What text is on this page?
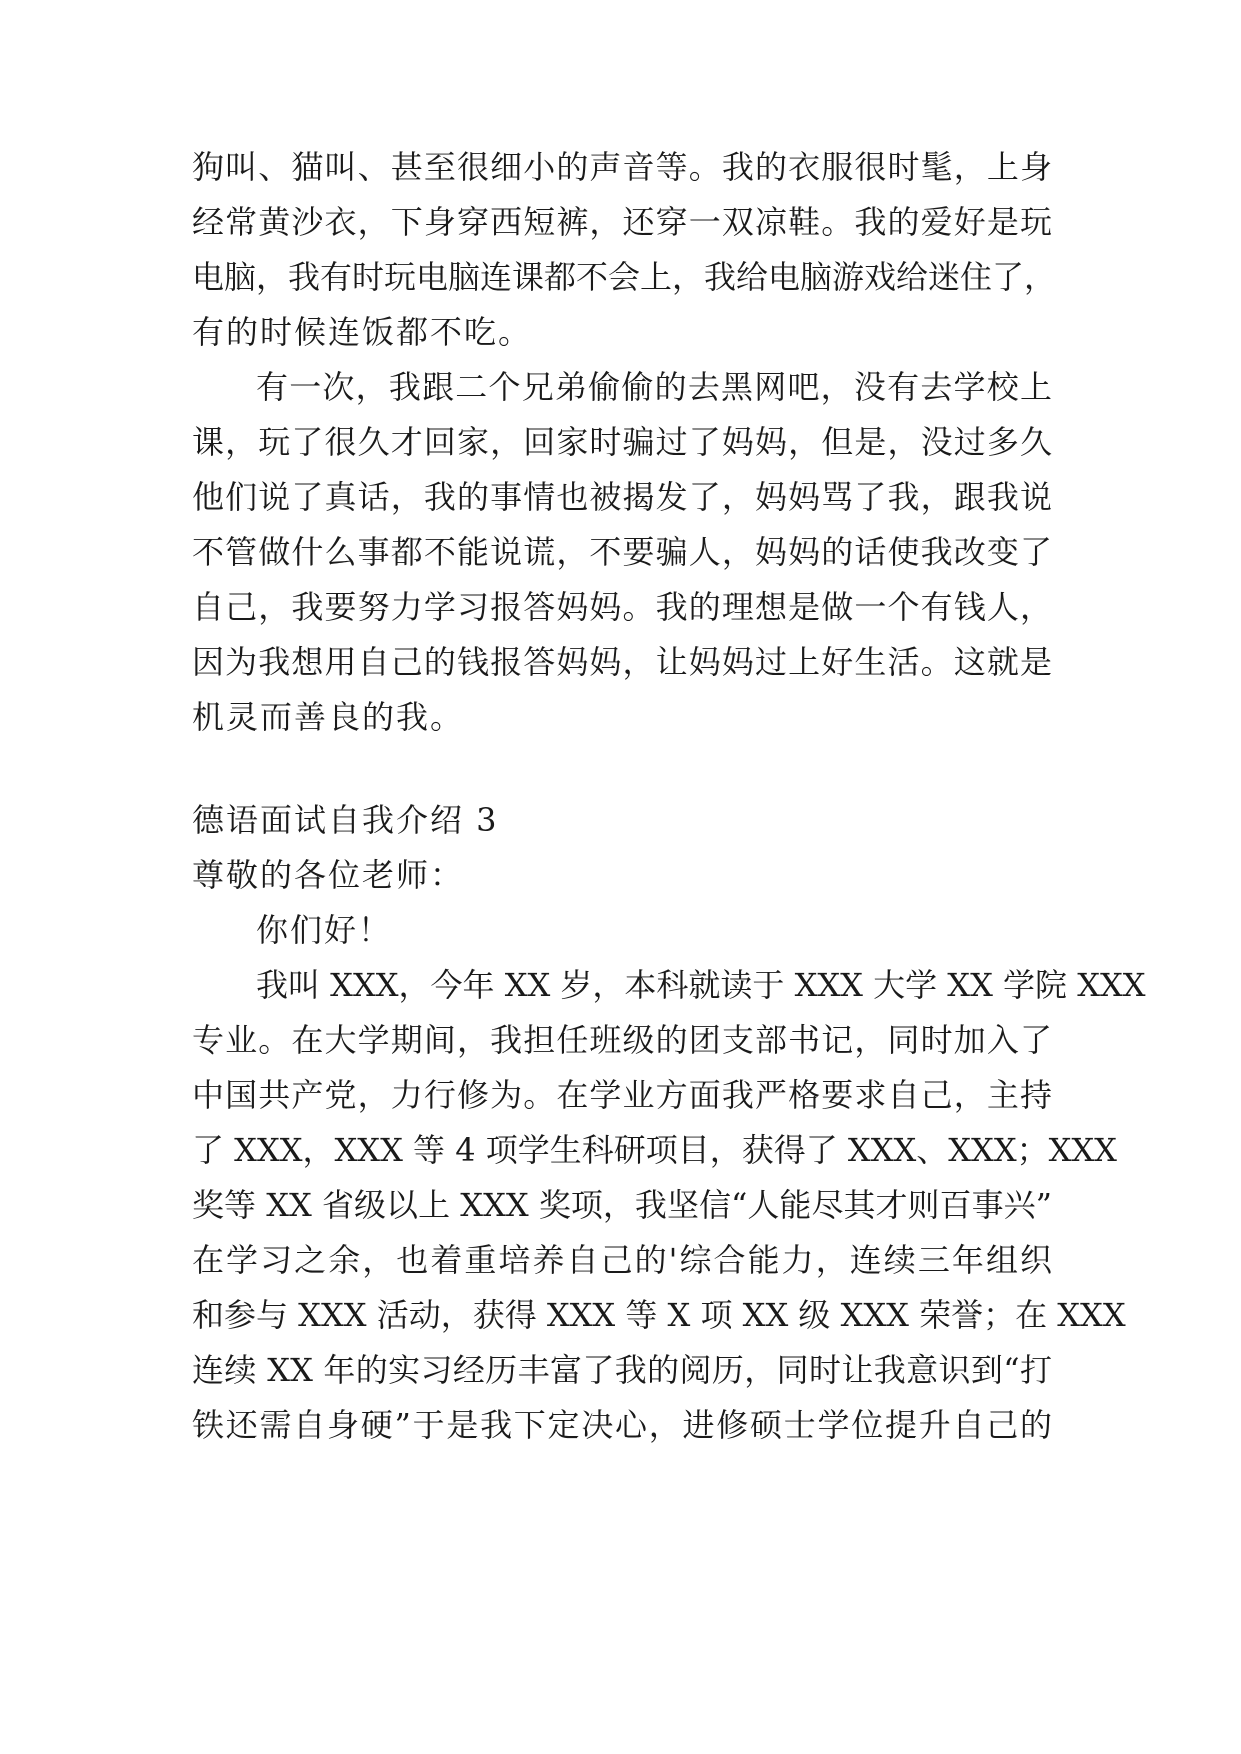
狗叫、猫叫、甚至很细小的声音等。我的衣服很时髦，上身
经常黄沙衣，下身穿西短裤，还穿一双凉鞋。我的爱好是玩
电脑，我有时玩电脑连课都不会上，我给电脑游戏给迷住了，
有的时候连饭都不吃。
有一次，我跟二个兄弟偷偷的去黑网吧，没有去学校上
课，玩了很久才回家，回家时骗过了妈妈，但是，没过多久
他们说了真话，我的事情也被揭发了，妈妈骂了我，跟我说
不管做什么事都不能说谎，不要骗人，妈妈的话使我改变了
自己，我要努力学习报答妈妈。我的理想是做一个有钱人，
因为我想用自己的钱报答妈妈，让妈妈过上好生活。这就是
机灵而善良的我。
德语面试自我介绍 3
尊敬的各位老师：
你们好！
我叫 XXX，今年 XX 岁，本科就读于 XXX 大学 XX 学院 XXX
专业。在大学期间，我担任班级的团支部书记，同时加入了
中国共产党，力行修为。在学业方面我严格要求自己，主持
了 XXX，XXX 等 4 项学生科研项目，获得了 XXX、XXX；XXX
奖等 XX 省级以上 XXX 奖项，我坚信“人能尽其才则百事兴”
在学习之余，也着重培养自己的'综合能力，连续三年组织
和参与 XXX 活动，获得 XXX 等 X 项 XX 级 XXX 荣誉；在 XXX
连续 XX 年的实习经历丰富了我的阅历，同时让我意识到“打
铁还需自身硬”于是我下定决心，进修硕士学位提升自己的
